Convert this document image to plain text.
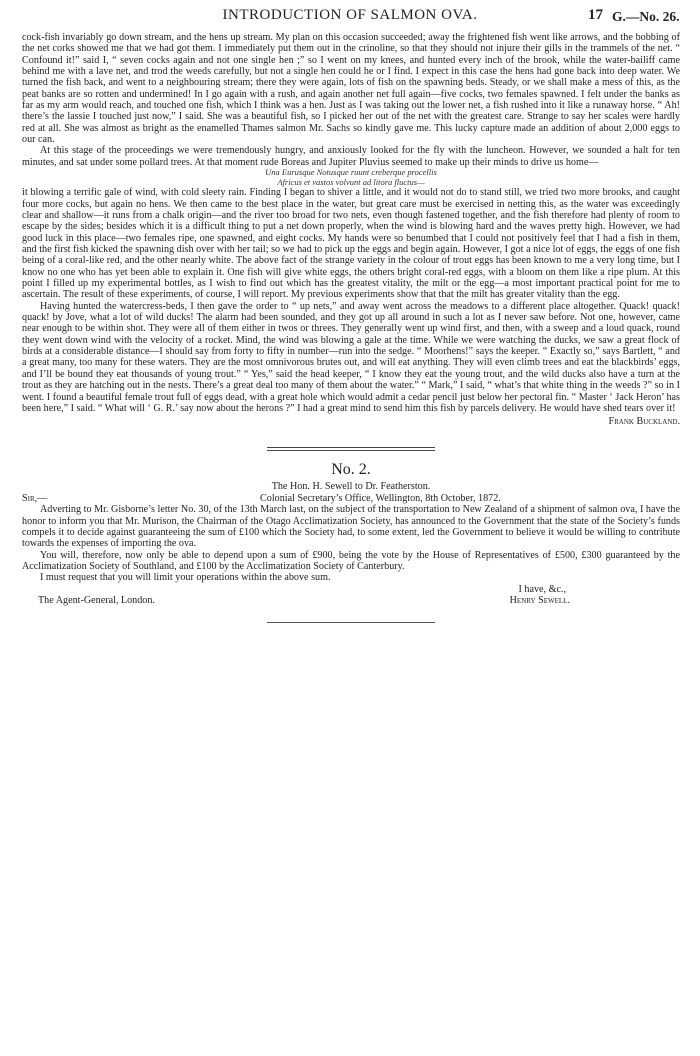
INTRODUCTION OF SALMON OVA.	17 G.—No. 26.

cock-fish invariably go down stream, and the hens up stream. My plan on this occasion succeeded; away the frightened fish went like arrows, and the bobbing of the net corks showed me that we had got them. I immediately put them out in the crinoline, so that they should not injure their gills in the trammels of the net. “ Confound it!” said I, “ seven cocks again and not one single hen ;” so I went on my knees, and hunted every inch of the brook, while the water-bailiff came behind me with a lave net, and trod the weeds carefully, but not a single hen could he or I find. I expect in this case the hens had gone back into deep water. We turned the fish back, and went to a neighbouring stream; there they were again, lots of fish on the spawning beds. Steady, or we shall make a mess of this, as the peat banks are so rotten and undermined! In I go again with a rush, and again another net full again—five cocks, two females spawned. I felt under the banks as far as my arm would reach, and touched one fish, which I think was a hen. Just as I was taking out the lower net, a fish rushed into it like a runaway horse. “ Ah! there’s the lassie I touched just now,” I said. She was a beautiful fish, so I picked her out of the net with the greatest care. Strange to say her scales were hardly red at all. She was almost as bright as the enamelled Thames salmon Mr. Sachs so kindly gave me. This lucky capture made an addition of about 2,000 eggs to our can.

At this stage of the proceedings we were tremendously hungry, and anxiously looked for the fly with the luncheon. However, we sounded a halt for ten minutes, and sat under some pollard trees. At that moment rude Boreas and Jupiter Pluvius seemed to make up their minds to drive us home—

Una Eurusque Notusque ruunt creberque procellis
Africus et vastos volvunt ad litora fluctus—

it blowing a terrific gale of wind, with cold sleety rain. Finding I began to shiver a little, and it would not do to stand still, we tried two more brooks, and caught four more cocks, but again no hens. We then came to the best place in the water, but great care must be exercised in netting this, as the water was exceedingly clear and shallow—it runs from a chalk origin—and the river too broad for two nets, even though fastened together, and the fish therefore had plenty of room to escape by the sides; besides which it is a difficult thing to put a net down properly, when the wind is blowing hard and the waves pretty high. However, we had good luck in this place—two females ripe, one spawned, and eight cocks. My hands were so benumbed that I could not positively feel that I had a fish in them, and the first fish kicked the spawning dish over with her tail; so we had to pick up the eggs and begin again. However, I got a nice lot of eggs, the eggs of one fish being of a coral-like red, and the other nearly white. The above fact of the strange variety in the colour of trout eggs has been known to me a very long time, but I know no one who has yet been able to explain it. One fish will give white eggs, the others bright coral-red eggs, with a bloom on them like a ripe plum. At this point I filled up my experimental bottles, as I wish to find out which has the greatest vitality, the milt or the egg—a most important practical point for me to ascertain. The result of these experiments, of course, I will report. My previous experiments show that that the milt has greater vitality than the egg.

Having hunted the watercress-beds, I then gave the order to “ up nets,” and away went across the meadows to a different place altogether. Quack! quack! quack! by Jove, what a lot of wild ducks! The alarm had been sounded, and they got up all around in such a lot as I never saw before. Not one, however, came near enough to be within shot. They were all of them either in twos or threes. They generally went up wind first, and then, with a sweep and a loud quack, round they went down wind with the velocity of a rocket. Mind, the wind was blowing a gale at the time. While we were watching the ducks, we saw a great flock of birds at a considerable distance—I should say from forty to fifty in number—run into the sedge. “ Moorhens!” says the keeper. “ Exactly so,” says Bartlett, “ and a great many, too many for these waters. They are the most omnivorous brutes out, and will eat anything. They will even climb trees and eat the blackbirds’ eggs, and I’ll be bound they eat thousands of young trout.” “ Yes,” said the head keeper, “ I know they eat the young trout, and the wild ducks also have a turn at the trout as they are hatching out in the nests. There’s a great deal too many of them about the water.” “ Mark,” I said, “ what’s that white thing in the weeds ?” so in I went. I found a beautiful female trout full of eggs dead, with a great hole which would admit a cedar pencil just below her pectoral fin. “ Master ‘ Jack Heron’ has been here,” I said. “ What will ‘ G. R.’ say now about the herons ?” I had a great mind to send him this fish by parcels delivery. He would have shed tears over it!

Frank Buckland.
No. 2.
The Hon. H. Sewell to Dr. Featherston.
Sir,—	Colonial Secretary’s Office, Wellington, 8th October, 1872.

Adverting to Mr. Gisborne’s letter No. 30, of the 13th March last, on the subject of the transportation to New Zealand of a shipment of salmon ova, I have the honor to inform you that Mr. Murison, the Chairman of the Otago Acclimatization Society, has announced to the Government that the state of the Society’s funds compels it to decide against guaranteeing the sum of £100 which the Society had, to some extent, led the Government to believe it would be willing to contribute towards the expenses of importing the ova.

You will, therefore, now only be able to depend upon a sum of £900, being the vote by the House of Representatives of £500, £300 guaranteed by the Acclimatization Society of Southland, and £100 by the Acclimatization Society of Canterbury.

I must request that you will limit your operations within the above sum.

I have, &c.,
The Agent-General, London.	Henry Sewell.
